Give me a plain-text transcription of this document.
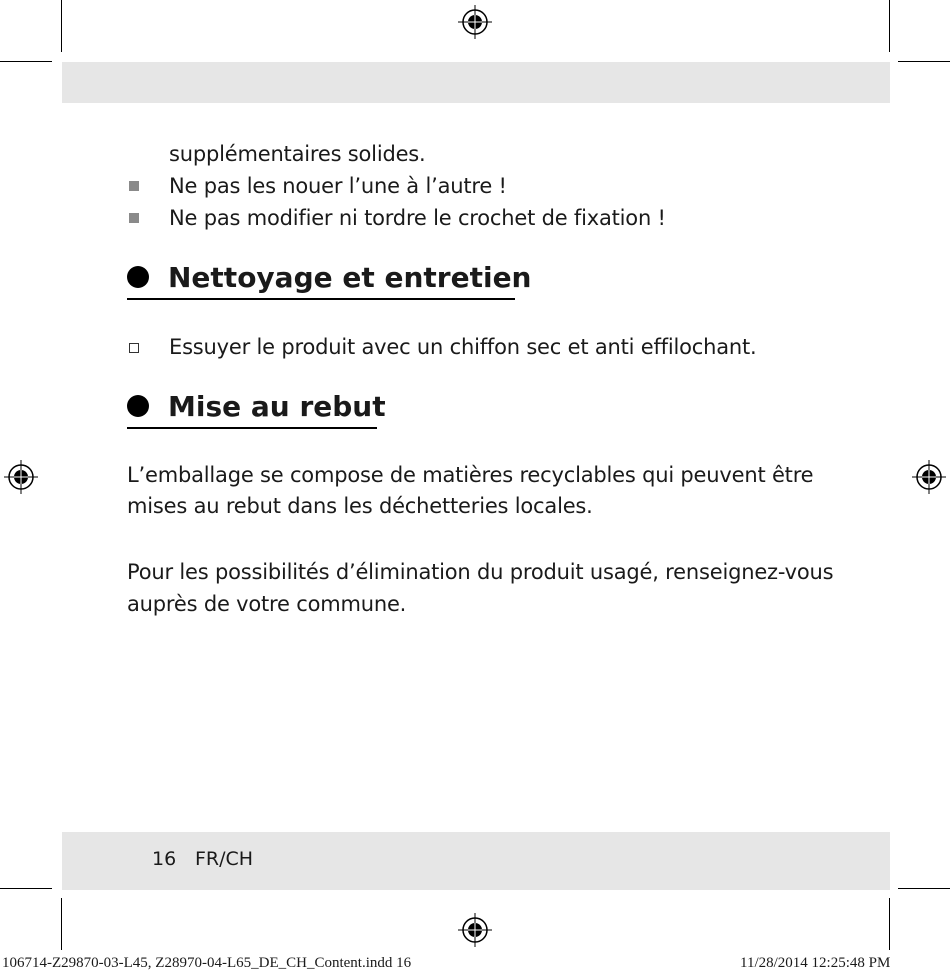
supplémentaires solides.
Ne pas les nouer l’une à l’autre !
Ne pas modifier ni tordre le crochet de fixation !
Nettoyage et entretien
Essuyer le produit avec un chiffon sec et anti effilochant.
Mise au rebut
L’emballage se compose de matières recyclables qui peuvent être
mises au rebut dans les déchetteries locales.
Pour les possibilités d’élimination du produit usagé, renseignez-vous
auprès de votre commune.
16 FR/CH
106714-Z29870-03-L45, Z28970-04-L65_DE_CH_Content.indd 16	11/28/2014 12:25:48 PM
